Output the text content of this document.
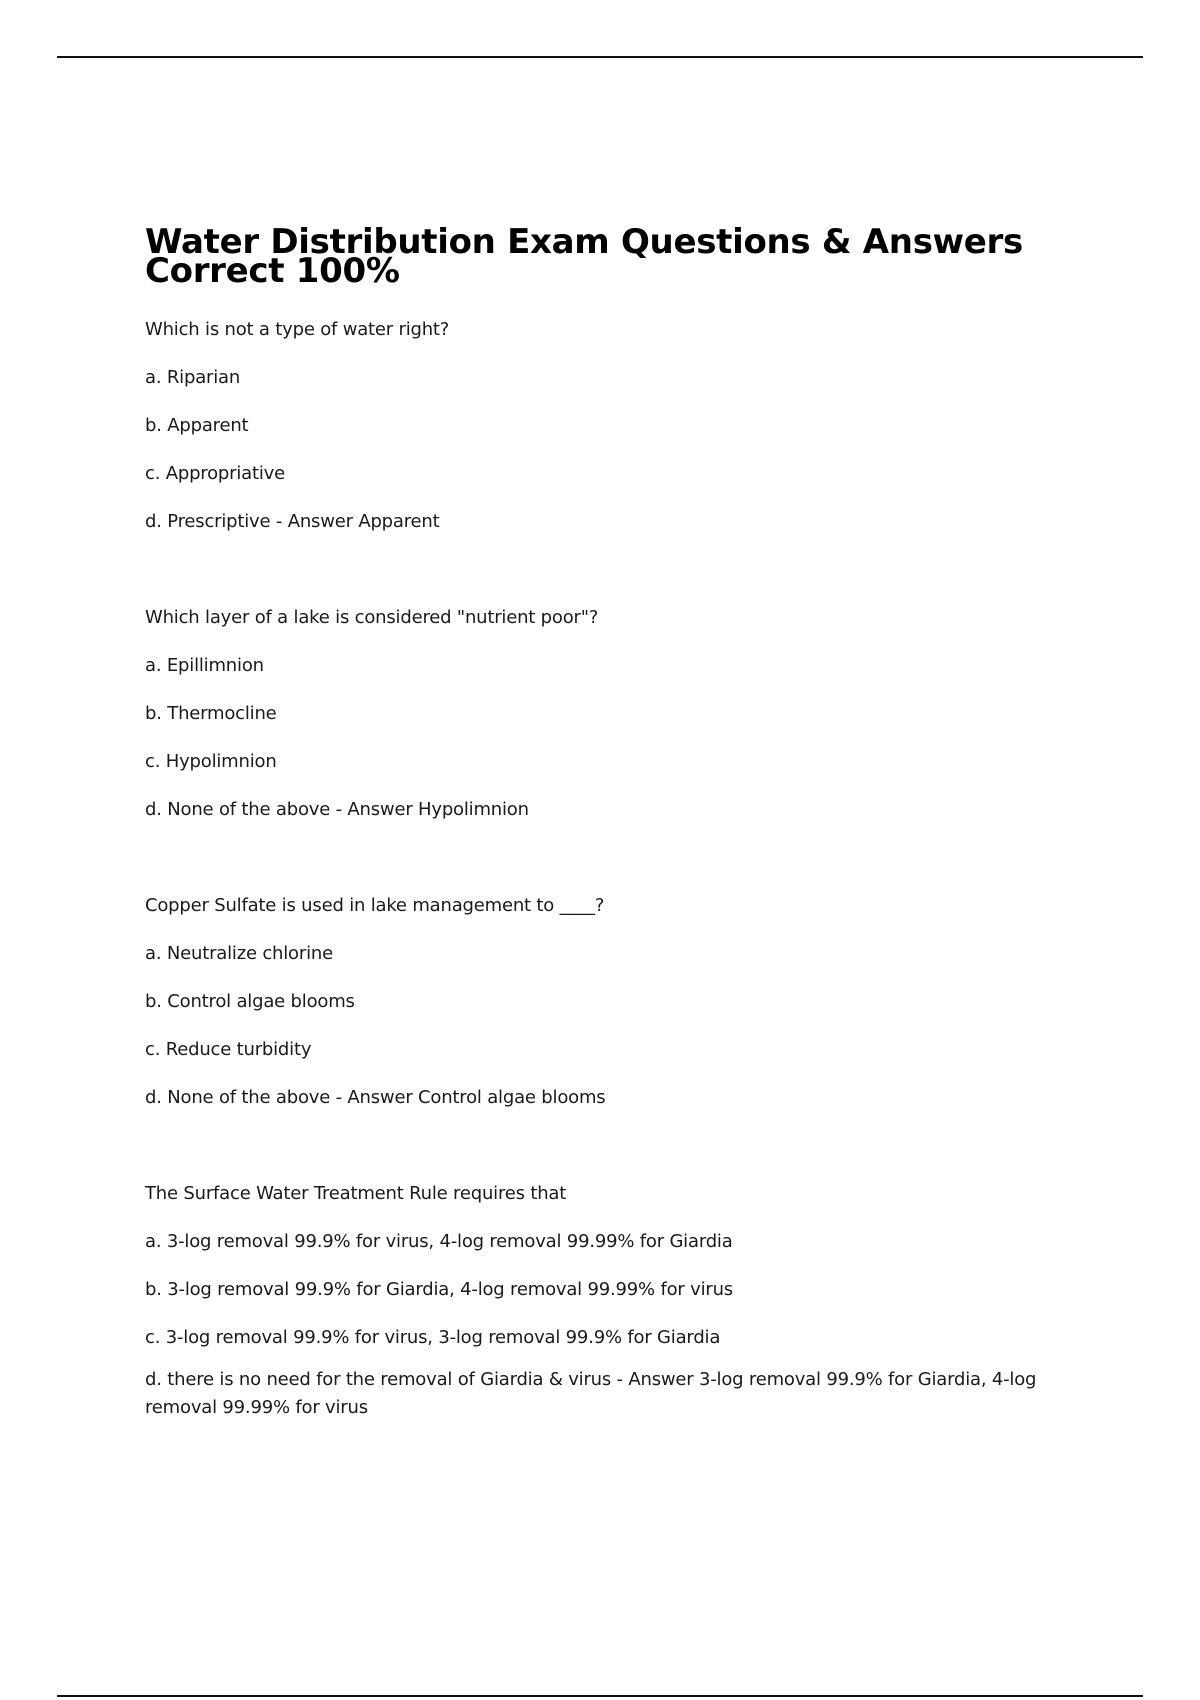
Water Distribution Exam Questions & Answers Correct 100%

Which is not a type of water right?

a. Riparian

b. Apparent

c. Appropriative

d. Prescriptive - Answer Apparent

Which layer of a lake is considered "nutrient poor"?

a. Epillimnion

b. Thermocline

c. Hypolimnion

d. None of the above - Answer Hypolimnion

Copper Sulfate is used in lake management to ____?

a. Neutralize chlorine

b. Control algae blooms

c. Reduce turbidity

d. None of the above - Answer Control algae blooms

The Surface Water Treatment Rule requires that

a. 3-log removal 99.9% for virus, 4-log removal 99.99% for Giardia

b. 3-log removal 99.9% for Giardia, 4-log removal 99.99% for virus

c. 3-log removal 99.9% for virus, 3-log removal 99.9% for Giardia

d. there is no need for the removal of Giardia & virus - Answer 3-log removal 99.9% for Giardia, 4-log removal 99.99% for virus
